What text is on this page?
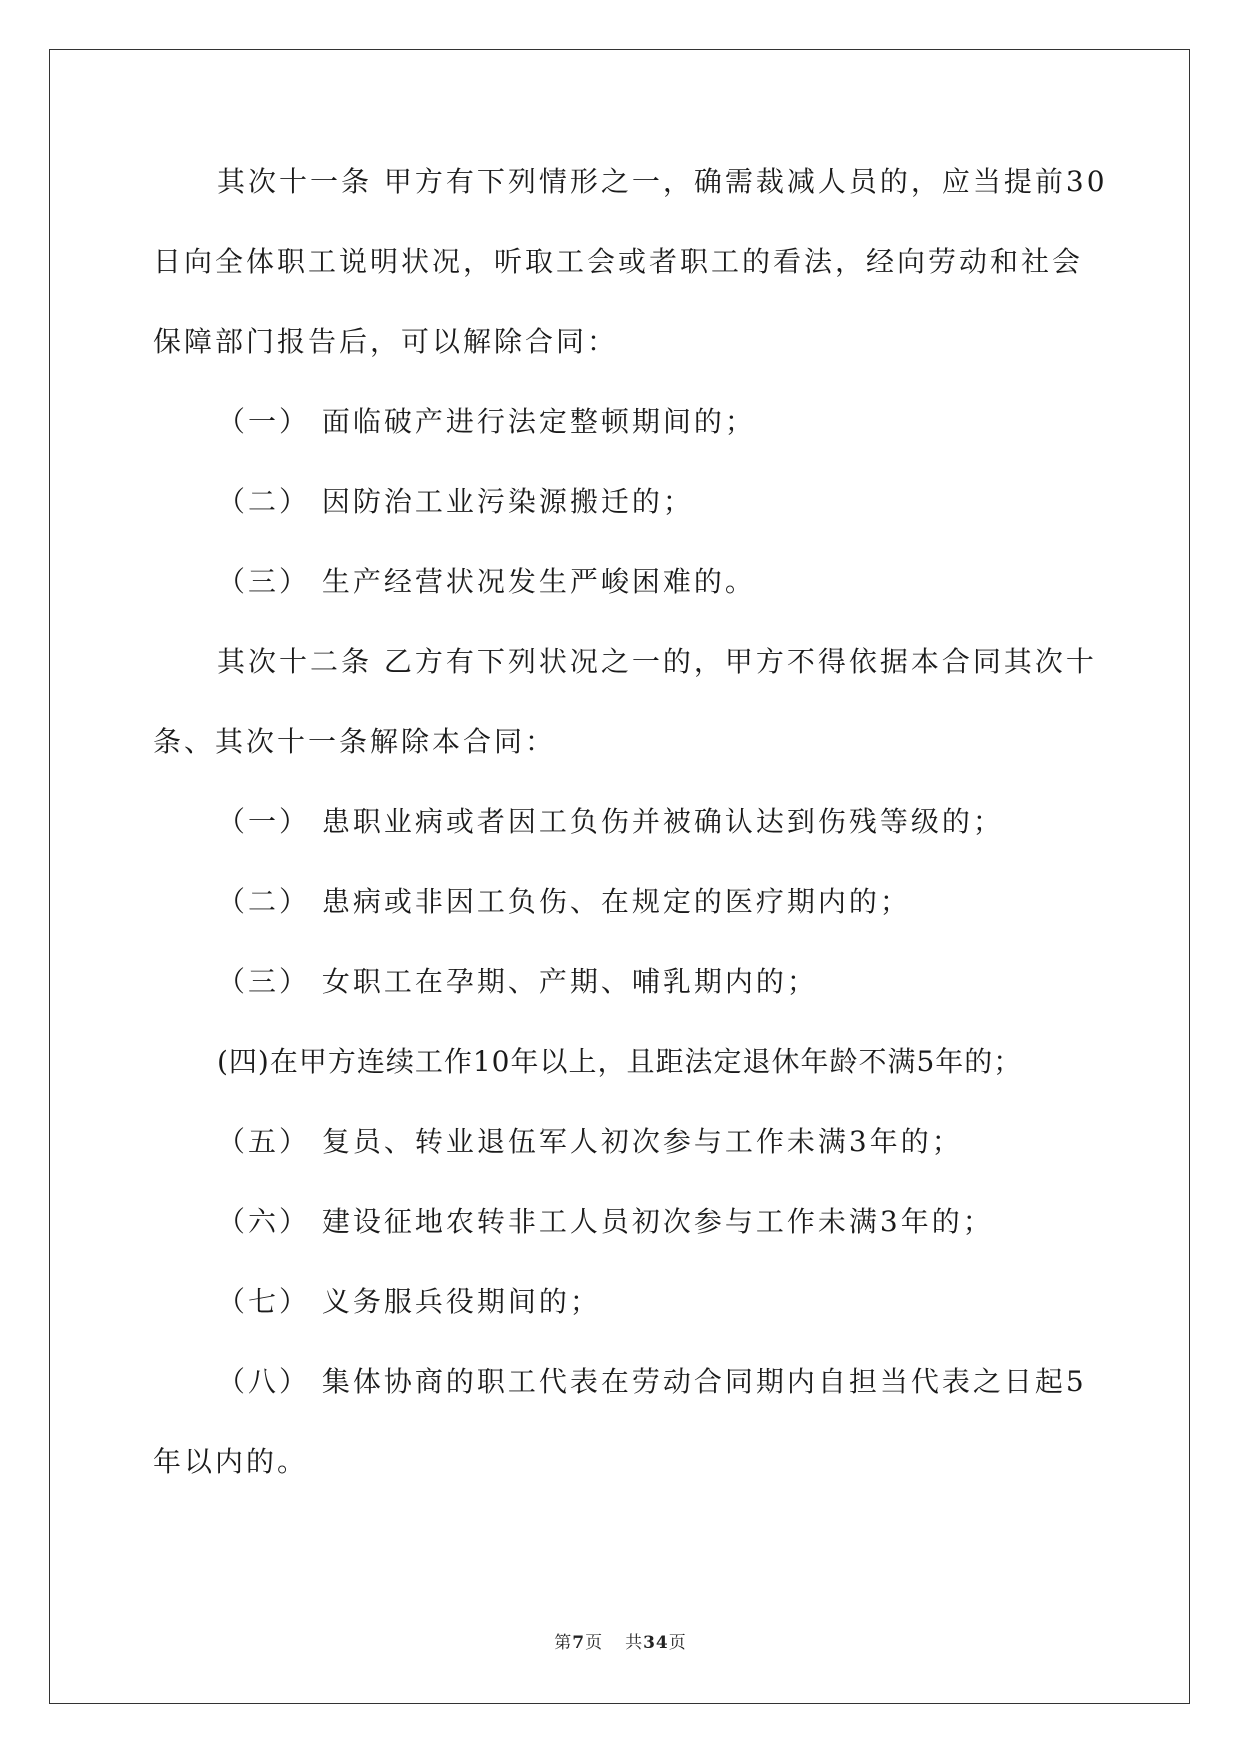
其次十一条 甲方有下列情形之一，确需裁减人员的，应当提前30
日向全体职工说明状况，听取工会或者职工的看法，经向劳动和社会
保障部门报告后，可以解除合同：
（一） 面临破产进行法定整顿期间的；
（二） 因防治工业污染源搬迁的；
（三） 生产经营状况发生严峻困难的。
其次十二条 乙方有下列状况之一的，甲方不得依据本合同其次十
条、其次十一条解除本合同：
（一） 患职业病或者因工负伤并被确认达到伤残等级的；
（二） 患病或非因工负伤、在规定的医疗期内的；
（三） 女职工在孕期、产期、哺乳期内的；
(四)在甲方连续工作10年以上，且距法定退休年龄不满5年的；
（五） 复员、转业退伍军人初次参与工作未满3年的；
（六） 建设征地农转非工人员初次参与工作未满3年的；
（七） 义务服兵役期间的；
（八） 集体协商的职工代表在劳动合同期内自担当代表之日起5
年以内的。
第7页 共34页
